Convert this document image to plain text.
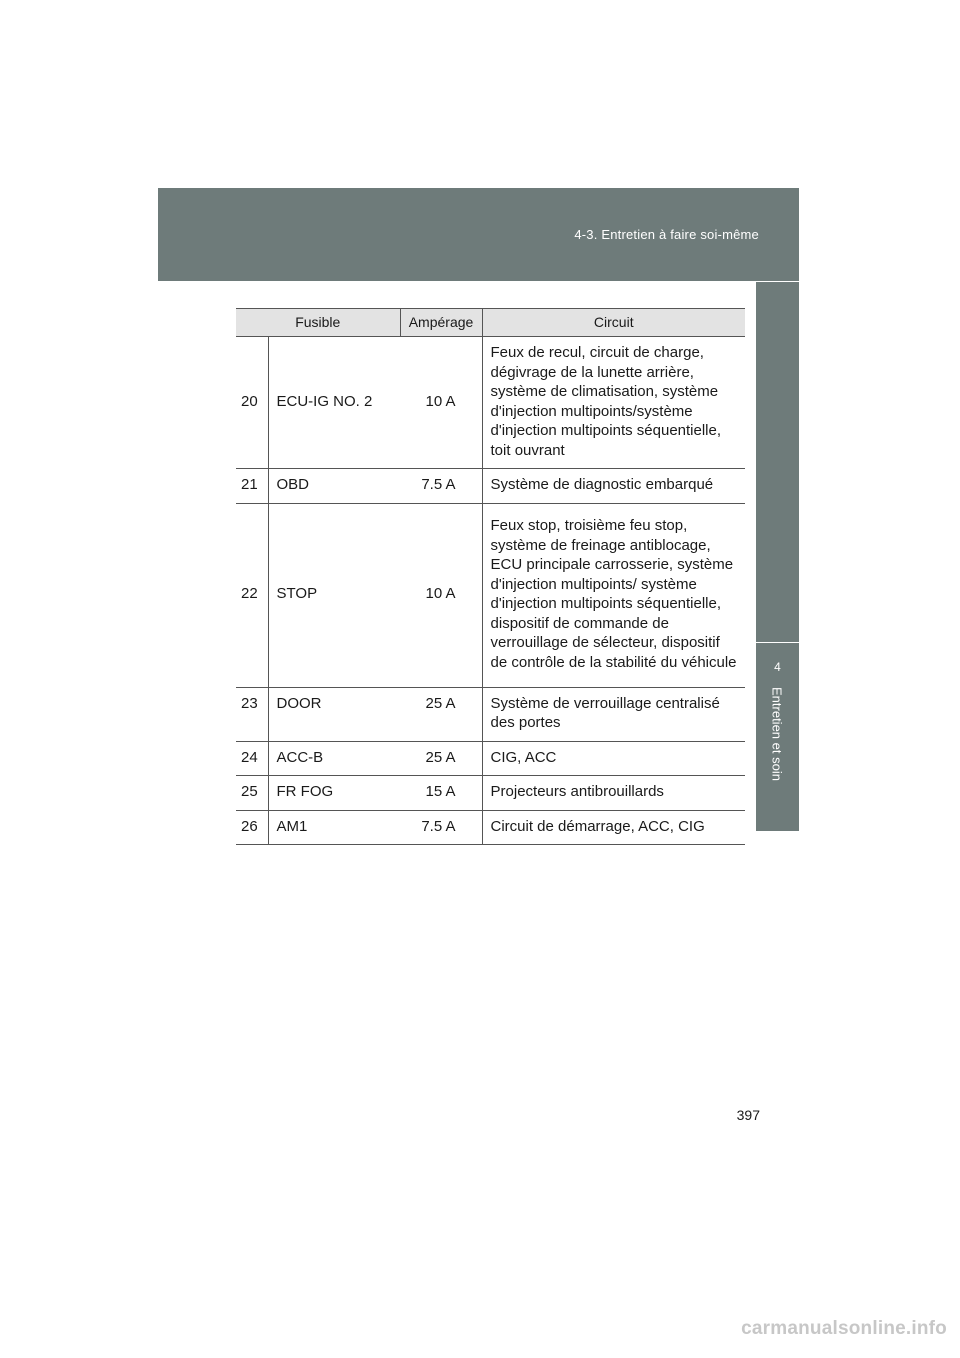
4-3. Entretien à faire soi-même
4
Entretien et soin
Fusible		Ampérage	Circuit
20	ECU-IG NO. 2	10 A	Feux de recul, circuit de charge, dégivrage de la lunette arrière, système de climatisation, système d'injection multipoints/système d'injection multipoints séquentielle, toit ouvrant
21	OBD	7.5 A	Système de diagnostic embarqué
22	STOP	10 A	Feux stop, troisième feu stop, système de freinage antiblocage, ECU principale carrosserie, système d'injection multipoints/ système d'injection multipoints séquentielle, dispositif de commande de verrouillage de sélecteur, dispositif de contrôle de la stabilité du véhicule
23	DOOR	25 A	Système de verrouillage centralisé des portes
24	ACC-B	25 A	CIG, ACC
25	FR FOG	15 A	Projecteurs antibrouillards
26	AM1	7.5 A	Circuit de démarrage, ACC, CIG
397
carmanualsonline.info
